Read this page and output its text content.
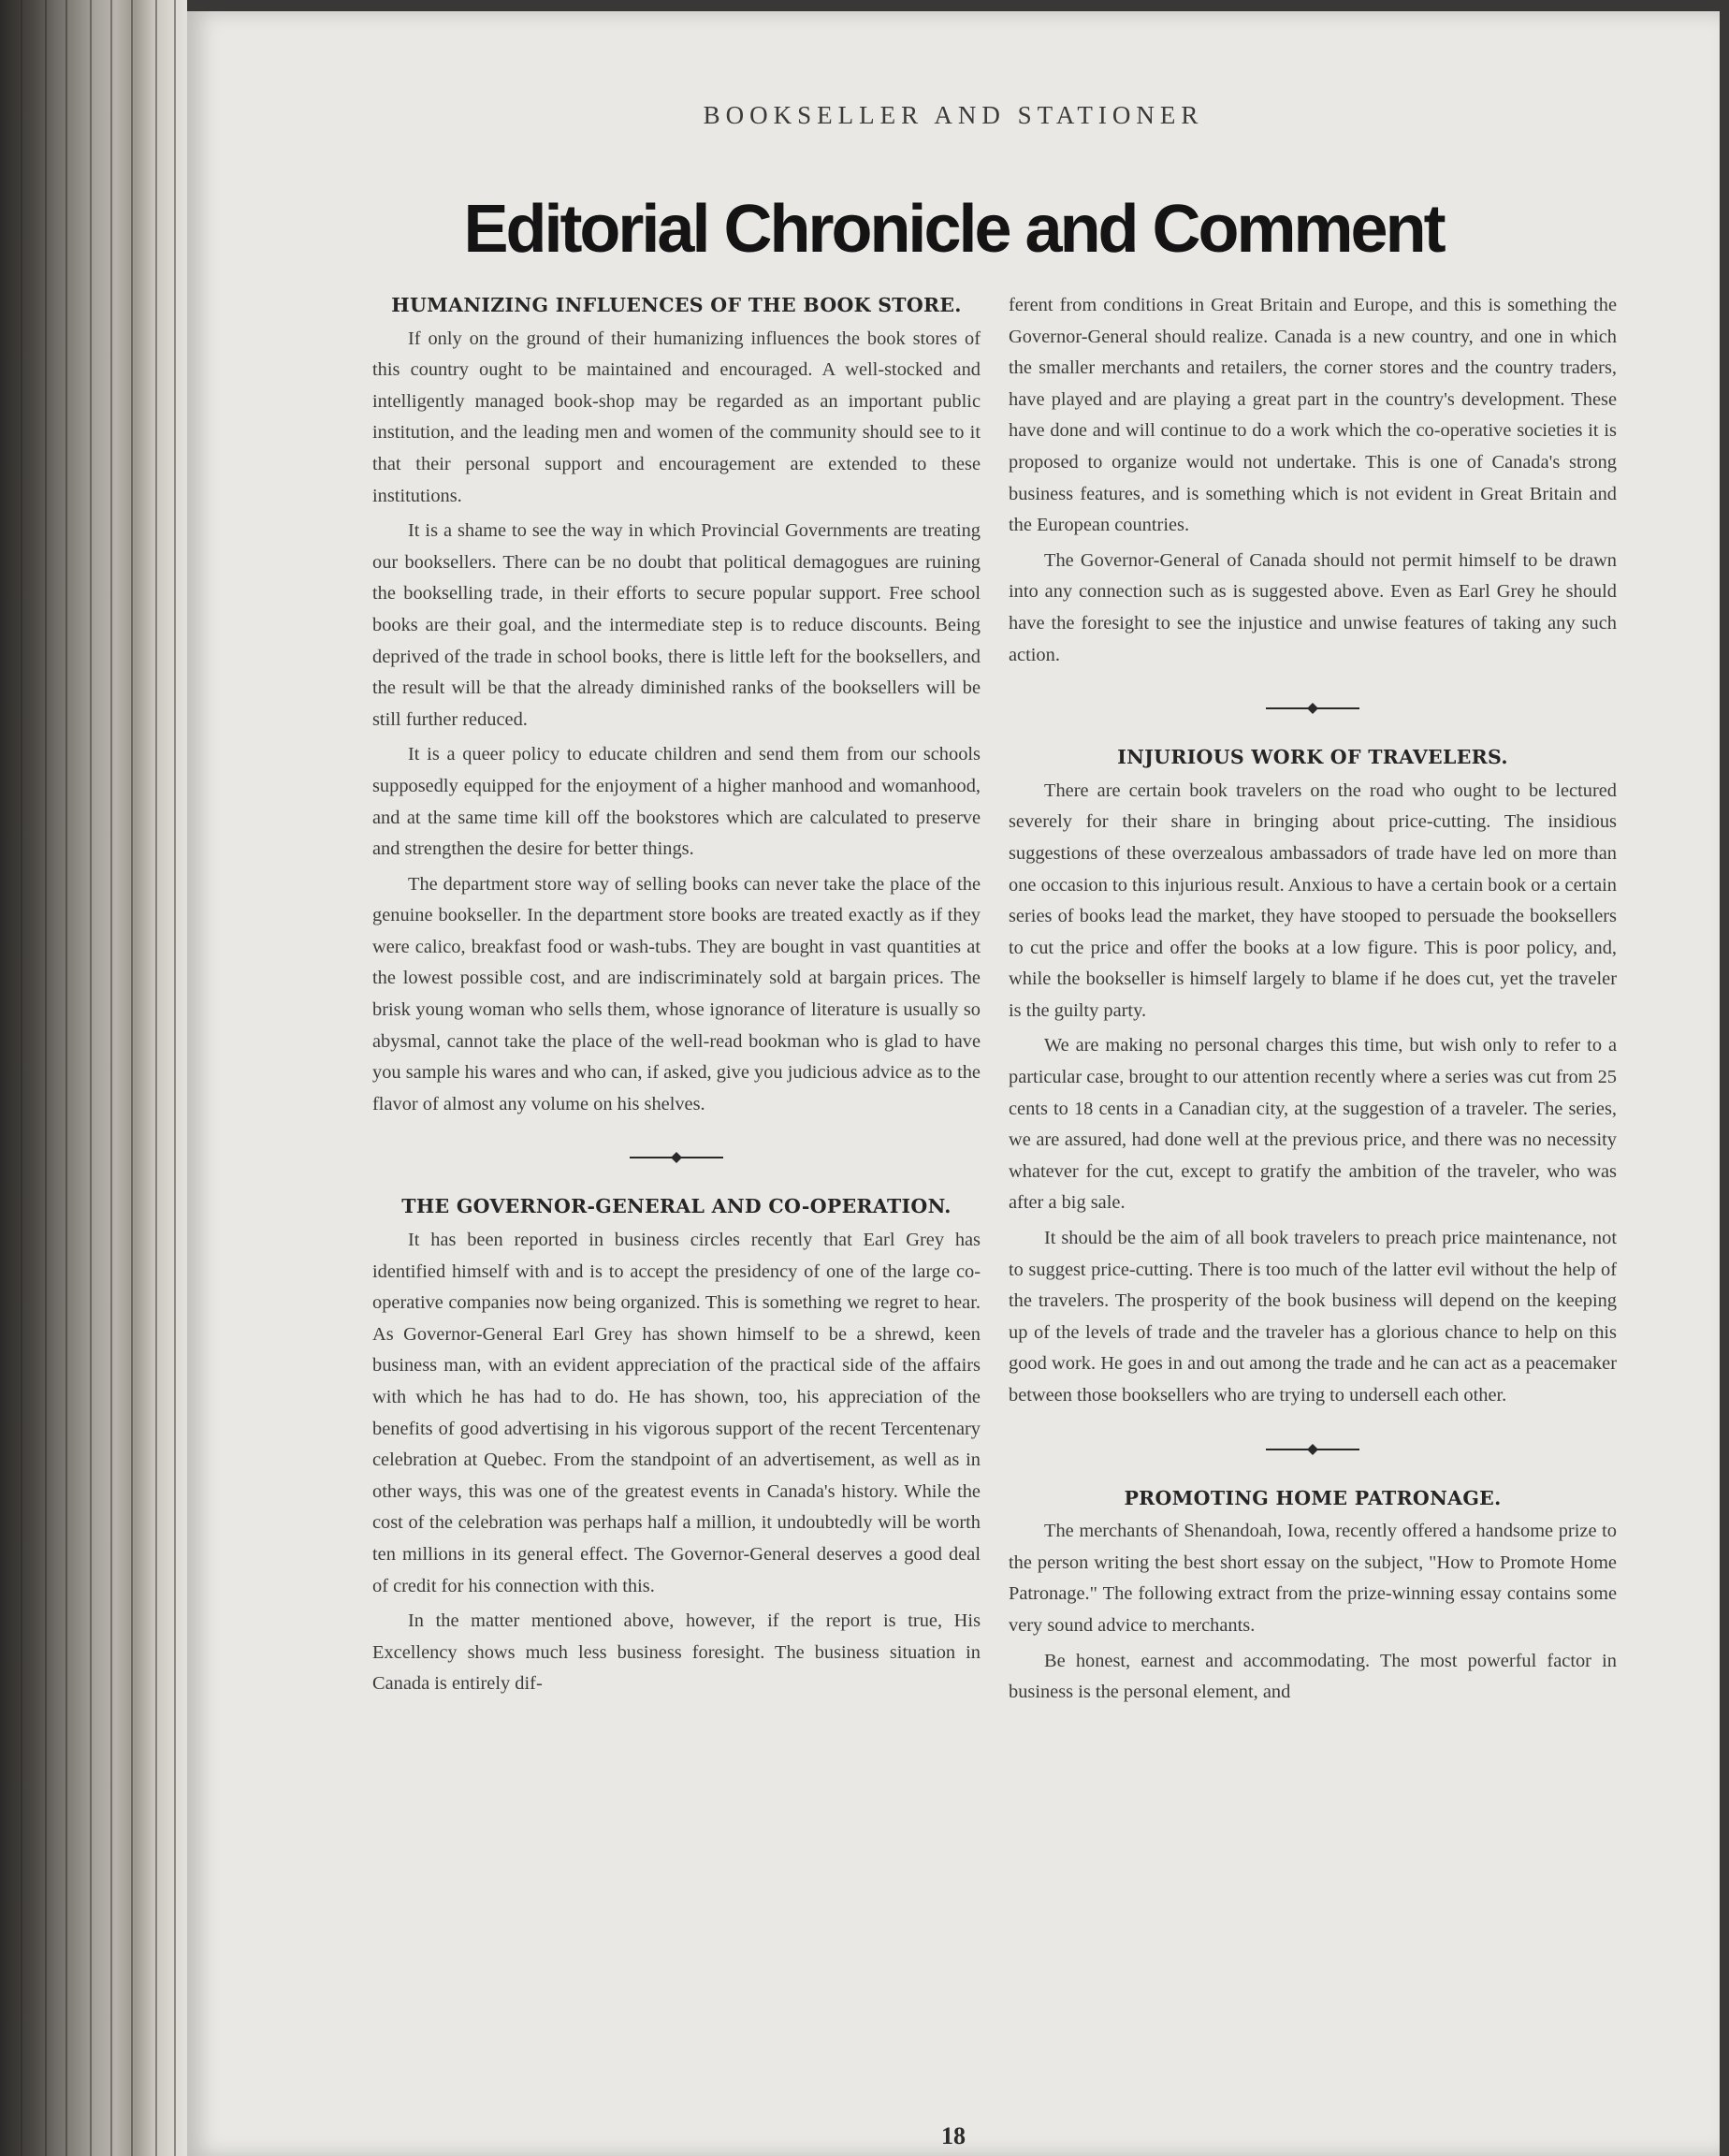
BOOKSELLER AND STATIONER
Editorial Chronicle and Comment
HUMANIZING INFLUENCES OF THE BOOK STORE.

If only on the ground of their humanizing influences the book stores of this country ought to be maintained and encouraged. A well-stocked and intelligently managed book-shop may be regarded as an important public institution, and the leading men and women of the community should see to it that their personal support and encouragement are extended to these institutions.

It is a shame to see the way in which Provincial Governments are treating our booksellers. There can be no doubt that political demagogues are ruining the bookselling trade, in their efforts to secure popular support. Free school books are their goal, and the intermediate step is to reduce discounts. Being deprived of the trade in school books, there is little left for the booksellers, and the result will be that the already diminished ranks of the booksellers will be still further reduced.

It is a queer policy to educate children and send them from our schools supposedly equipped for the enjoyment of a higher manhood and womanhood, and at the same time kill off the bookstores which are calculated to preserve and strengthen the desire for better things.

The department store way of selling books can never take the place of the genuine bookseller. In the department store books are treated exactly as if they were calico, breakfast food or wash-tubs. They are bought in vast quantities at the lowest possible cost, and are indiscriminately sold at bargain prices. The brisk young woman who sells them, whose ignorance of literature is usually so abysmal, cannot take the place of the well-read bookman who is glad to have you sample his wares and who can, if asked, give you judicious advice as to the flavor of almost any volume on his shelves.

THE GOVERNOR-GENERAL AND CO-OPERATION.

It has been reported in business circles recently that Earl Grey has identified himself with and is to accept the presidency of one of the large co-operative companies now being organized. This is something we regret to hear. As Governor-General Earl Grey has shown himself to be a shrewd, keen business man, with an evident appreciation of the practical side of the affairs with which he has had to do. He has shown, too, his appreciation of the benefits of good advertising in his vigorous support of the recent Tercentenary celebration at Quebec. From the standpoint of an advertisement, as well as in other ways, this was one of the greatest events in Canada's history. While the cost of the celebration was perhaps half a million, it undoubtedly will be worth ten millions in its general effect. The Governor-General deserves a good deal of credit for his connection with this.

In the matter mentioned above, however, if the report is true, His Excellency shows much less business foresight. The business situation in Canada is entirely dif-

ferent from conditions in Great Britain and Europe, and this is something the Governor-General should realize. Canada is a new country, and one in which the smaller merchants and retailers, the corner stores and the country traders, have played and are playing a great part in the country's development. These have done and will continue to do a work which the co-operative societies it is proposed to organize would not undertake. This is one of Canada's strong business features, and is something which is not evident in Great Britain and the European countries.

The Governor-General of Canada should not permit himself to be drawn into any connection such as is suggested above. Even as Earl Grey he should have the foresight to see the injustice and unwise features of taking any such action.

INJURIOUS WORK OF TRAVELERS.

There are certain book travelers on the road who ought to be lectured severely for their share in bringing about price-cutting. The insidious suggestions of these overzealous ambassadors of trade have led on more than one occasion to this injurious result. Anxious to have a certain book or a certain series of books lead the market, they have stooped to persuade the booksellers to cut the price and offer the books at a low figure. This is poor policy, and, while the bookseller is himself largely to blame if he does cut, yet the traveler is the guilty party.

We are making no personal charges this time, but wish only to refer to a particular case, brought to our attention recently where a series was cut from 25 cents to 18 cents in a Canadian city, at the suggestion of a traveler. The series, we are assured, had done well at the previous price, and there was no necessity whatever for the cut, except to gratify the ambition of the traveler, who was after a big sale.

It should be the aim of all book travelers to preach price maintenance, not to suggest price-cutting. There is too much of the latter evil without the help of the travelers. The prosperity of the book business will depend on the keeping up of the levels of trade and the traveler has a glorious chance to help on this good work. He goes in and out among the trade and he can act as a peacemaker between those booksellers who are trying to undersell each other.

PROMOTING HOME PATRONAGE.

The merchants of Shenandoah, Iowa, recently offered a handsome prize to the person writing the best short essay on the subject, "How to Promote Home Patronage." The following extract from the prize-winning essay contains some very sound advice to merchants.

Be honest, earnest and accommodating. The most powerful factor in business is the personal element, and

18
